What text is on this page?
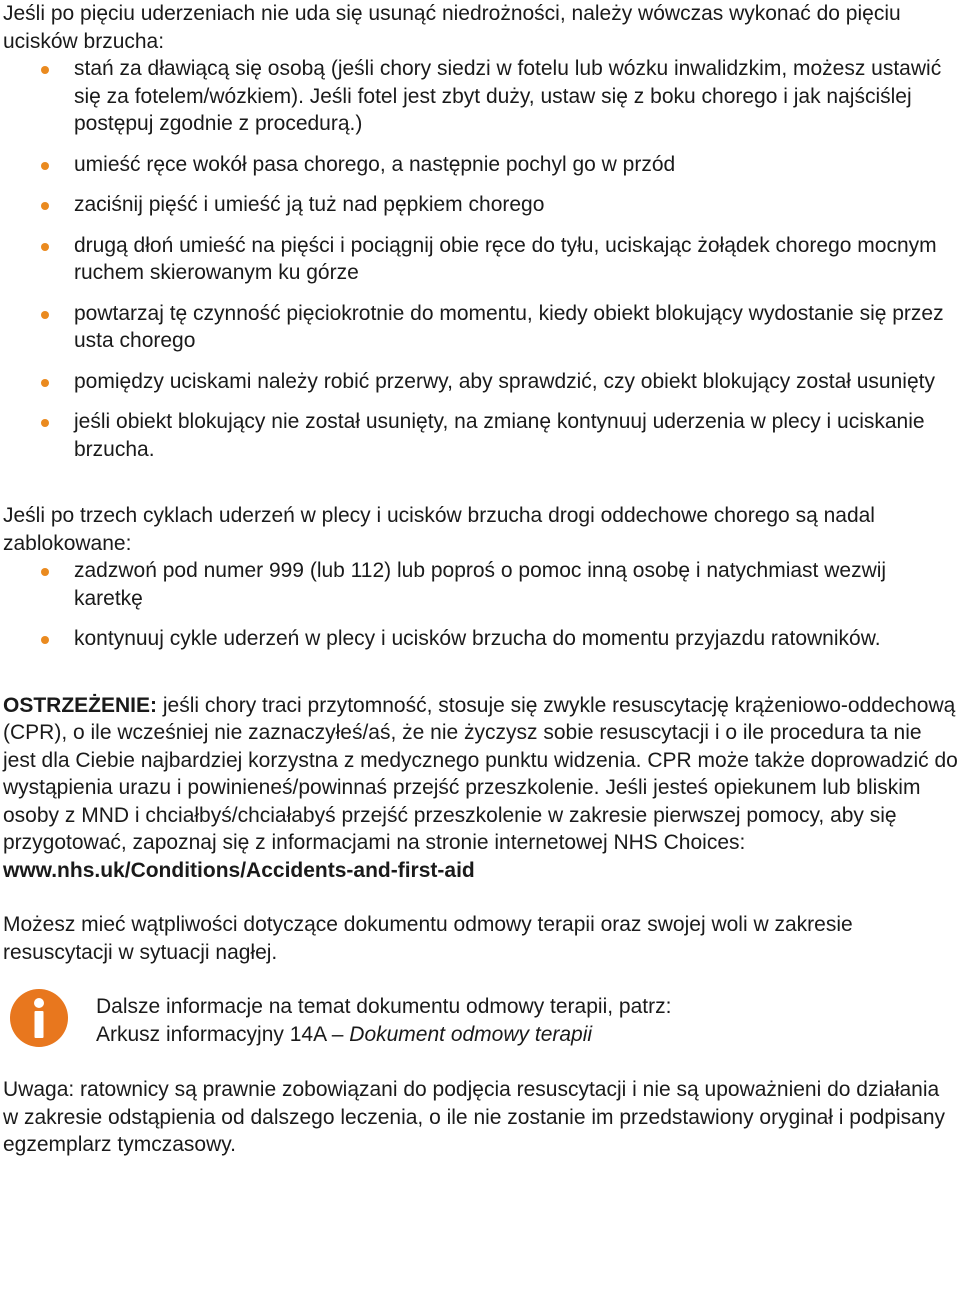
Jeśli po pięciu uderzeniach nie uda się usunąć niedrożności, należy wówczas wykonać do pięciu ucisków brzucha:

stań za dławiącą się osobą (jeśli chory siedzi w fotelu lub wózku inwalidzkim, możesz ustawić się za fotelem/wózkiem). Jeśli fotel jest zbyt duży, ustaw się z boku chorego i jak najściślej postępuj zgodnie z procedurą.)
umieść ręce wokół pasa chorego, a następnie pochyl go w przód
zaciśnij pięść i umieść ją tuż nad pępkiem chorego
drugą dłoń umieść na pięści i pociągnij obie ręce do tyłu, uciskając żołądek chorego mocnym ruchem skierowanym ku górze
powtarzaj tę czynność pięciokrotnie do momentu, kiedy obiekt blokujący wydostanie się przez usta chorego
pomiędzy uciskami należy robić przerwy, aby sprawdzić, czy obiekt blokujący został usunięty
jeśli obiekt blokujący nie został usunięty, na zmianę kontynuuj uderzenia w plecy i uciskanie brzucha.

Jeśli po trzech cyklach uderzeń w plecy i ucisków brzucha drogi oddechowe chorego są nadal zablokowane:

zadzwoń pod numer 999 (lub 112) lub poproś o pomoc inną osobę i natychmiast wezwij karetkę
kontynuuj cykle uderzeń w plecy i ucisków brzucha do momentu przyjazdu ratowników.

OSTRZEŻENIE: jeśli chory traci przytomność, stosuje się zwykle resuscytację krążeniowo-oddechową (CPR), o ile wcześniej nie zaznaczyłeś/aś, że nie życzysz sobie resuscytacji i o ile procedura ta nie jest dla Ciebie najbardziej korzystna z medycznego punktu widzenia. CPR może także doprowadzić do wystąpienia urazu i powinieneś/powinnaś przejść przeszkolenie. Jeśli jesteś opiekunem lub bliskim osoby z MND i chciałbyś/chciałabyś przejść przeszkolenie w zakresie pierwszej pomocy, aby się przygotować, zapoznaj się z informacjami na stronie internetowej NHS Choices: www.nhs.uk/Conditions/Accidents-and-first-aid

Możesz mieć wątpliwości dotyczące dokumentu odmowy terapii oraz swojej woli w zakresie resuscytacji w sytuacji nagłej.

Dalsze informacje na temat dokumentu odmowy terapii, patrz:

Arkusz informacyjny 14A – Dokument odmowy terapii

Uwaga: ratownicy są prawnie zobowiązani do podjęcia resuscytacji i nie są upoważnieni do działania w zakresie odstąpienia od dalszego leczenia, o ile nie zostanie im przedstawiony oryginał i podpisany egzemplarz tymczasowy.
